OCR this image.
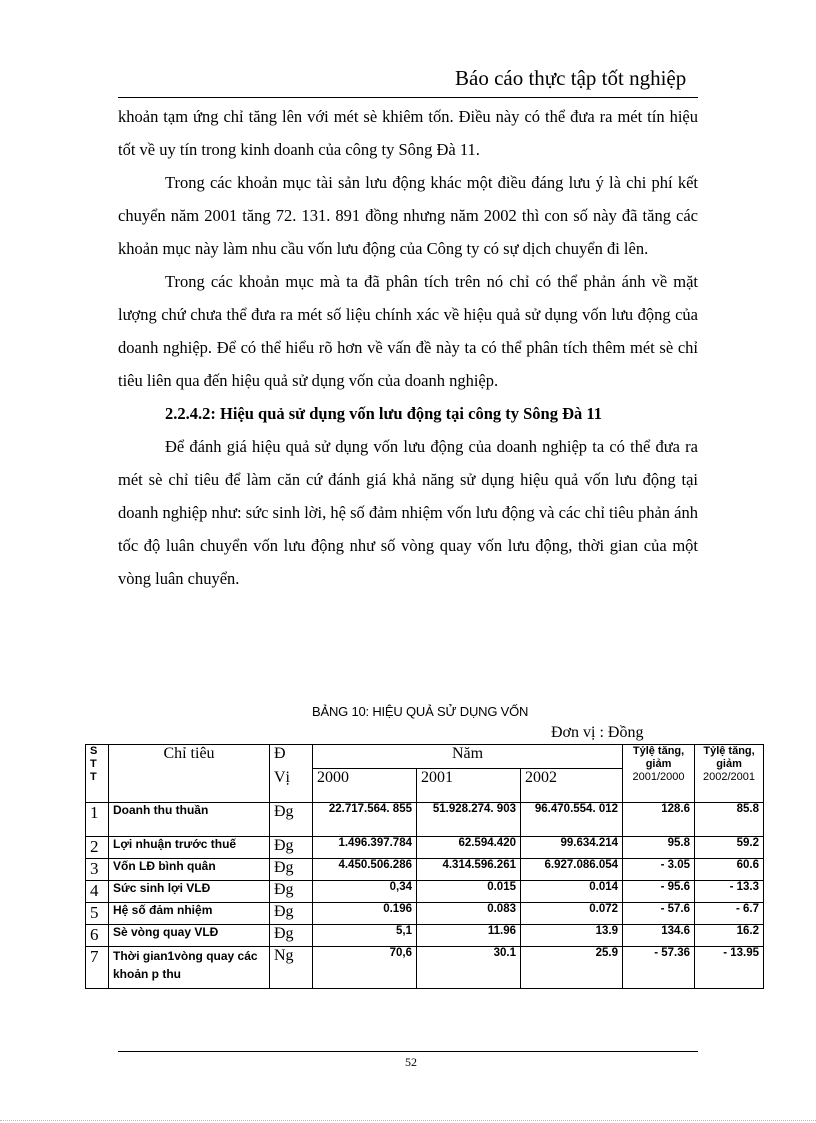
Báo cáo thực tập tốt nghiệp

khoản tạm ứng chỉ tăng lên với mét sè khiêm tốn. Điều này có thể đưa ra mét tín hiệu tốt về uy tín trong kinh doanh của công ty Sông Đà 11.

Trong các khoản mục tài sản lưu động khác một điều đáng lưu ý là chi phí kết chuyển năm 2001 tăng 72. 131. 891 đồng nhưng năm 2002 thì con số này đã tăng các khoản mục này làm nhu cầu vốn lưu động của Công ty có sự dịch chuyển đi lên.

Trong các khoản mục mà ta đã phân tích trên nó chỉ có thể phản ánh về mặt lượng chứ chưa thể đưa ra mét số liệu chính xác về hiệu quả sử dụng vốn lưu động của doanh nghiệp. Để có thể hiểu rõ hơn về vấn đề này ta có thể phân tích thêm mét sè chỉ tiêu liên qua đến hiệu quả sử dụng vốn của doanh nghiệp.

2.2.4.2: Hiệu quả sử dụng vốn lưu động tại công ty Sông Đà 11

Để đánh giá hiệu quả sử dụng vốn lưu động của doanh nghiệp ta có thể đưa ra mét sè chỉ tiêu để làm căn cứ đánh giá khả năng sử dụng hiệu quả vốn lưu động tại doanh nghiệp như: sức sinh lời, hệ số đảm nhiệm vốn lưu động và các chỉ tiêu phản ánh tốc độ luân chuyển vốn lưu động như số vòng quay vốn lưu động, thời gian của một vòng luân chuyển.

BẢNG 10: HIỆU QUẢ SỬ DỤNG VỐN
Đơn vị : Đồng
S
T
T	Chỉ tiêu	Đ	Năm			Tỷlệ tăng,
giảm
2001/2000	Tỷlệ tăng,
giảm
2002/2001
		Vị	2000	2001	2002		
1	Doanh thu thuần	Đg	22.717.564. 855	51.928.274. 903	96.470.554. 012	128.6	85.8
2	Lợi nhuận trước thuế	Đg	1.496.397.784	62.594.420	99.634.214	95.8	59.2
3	Vốn LĐ bình quân	Đg	4.450.506.286	4.314.596.261	6.927.086.054	- 3.05	60.6
4	Sức sinh lợi VLĐ	Đg	0,34	0.015	0.014	- 95.6	- 13.3
5	Hệ số đảm nhiệm	Đg	0.196	0.083	0.072	- 57.6	- 6.7
6	Sè vòng quay VLĐ	Đg	5,1	11.96	13.9	134.6	16.2
7	Thời gian1vòng quay các khoản p thu	Ng	70,6	30.1	25.9	- 57.36	- 13.95
52
